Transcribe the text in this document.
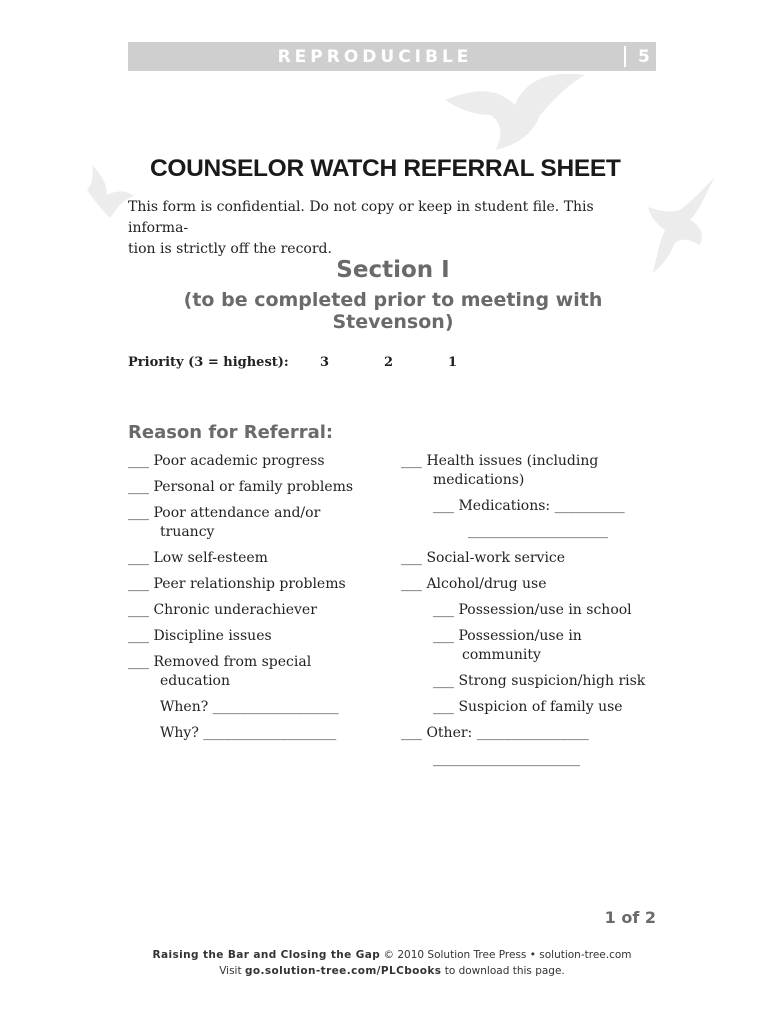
REPRODUCIBLE	5
COUNSELOR WATCH REFERRAL SHEET
This form is confidential. Do not copy or keep in student file. This informa-
tion is strictly off the record.
Section I
(to be completed prior to meeting with Stevenson)
Priority (3 = highest): 3	2	1
Reason for Referral:
___ Poor academic progress
___ Personal or family problems
___ Poor attendance and/or
truancy
___ Low self-esteem
___ Peer relationship problems
___ Chronic underachiever
___ Discipline issues
___ Removed from special
education
When? __________________
Why? ___________________
___ Health issues (including
medications)
___ Medications: __________
____________________
___ Social-work service
___ Alcohol/drug use
___ Possession/use in school
___ Possession/use in
community
___ Strong suspicion/high risk
___ Suspicion of family use
___ Other: ________________
_____________________
1 of 2
Raising the Bar and Closing the Gap © 2010 Solution Tree Press • solution-tree.com
Visit go.solution-tree.com/PLCbooks to download this page.
